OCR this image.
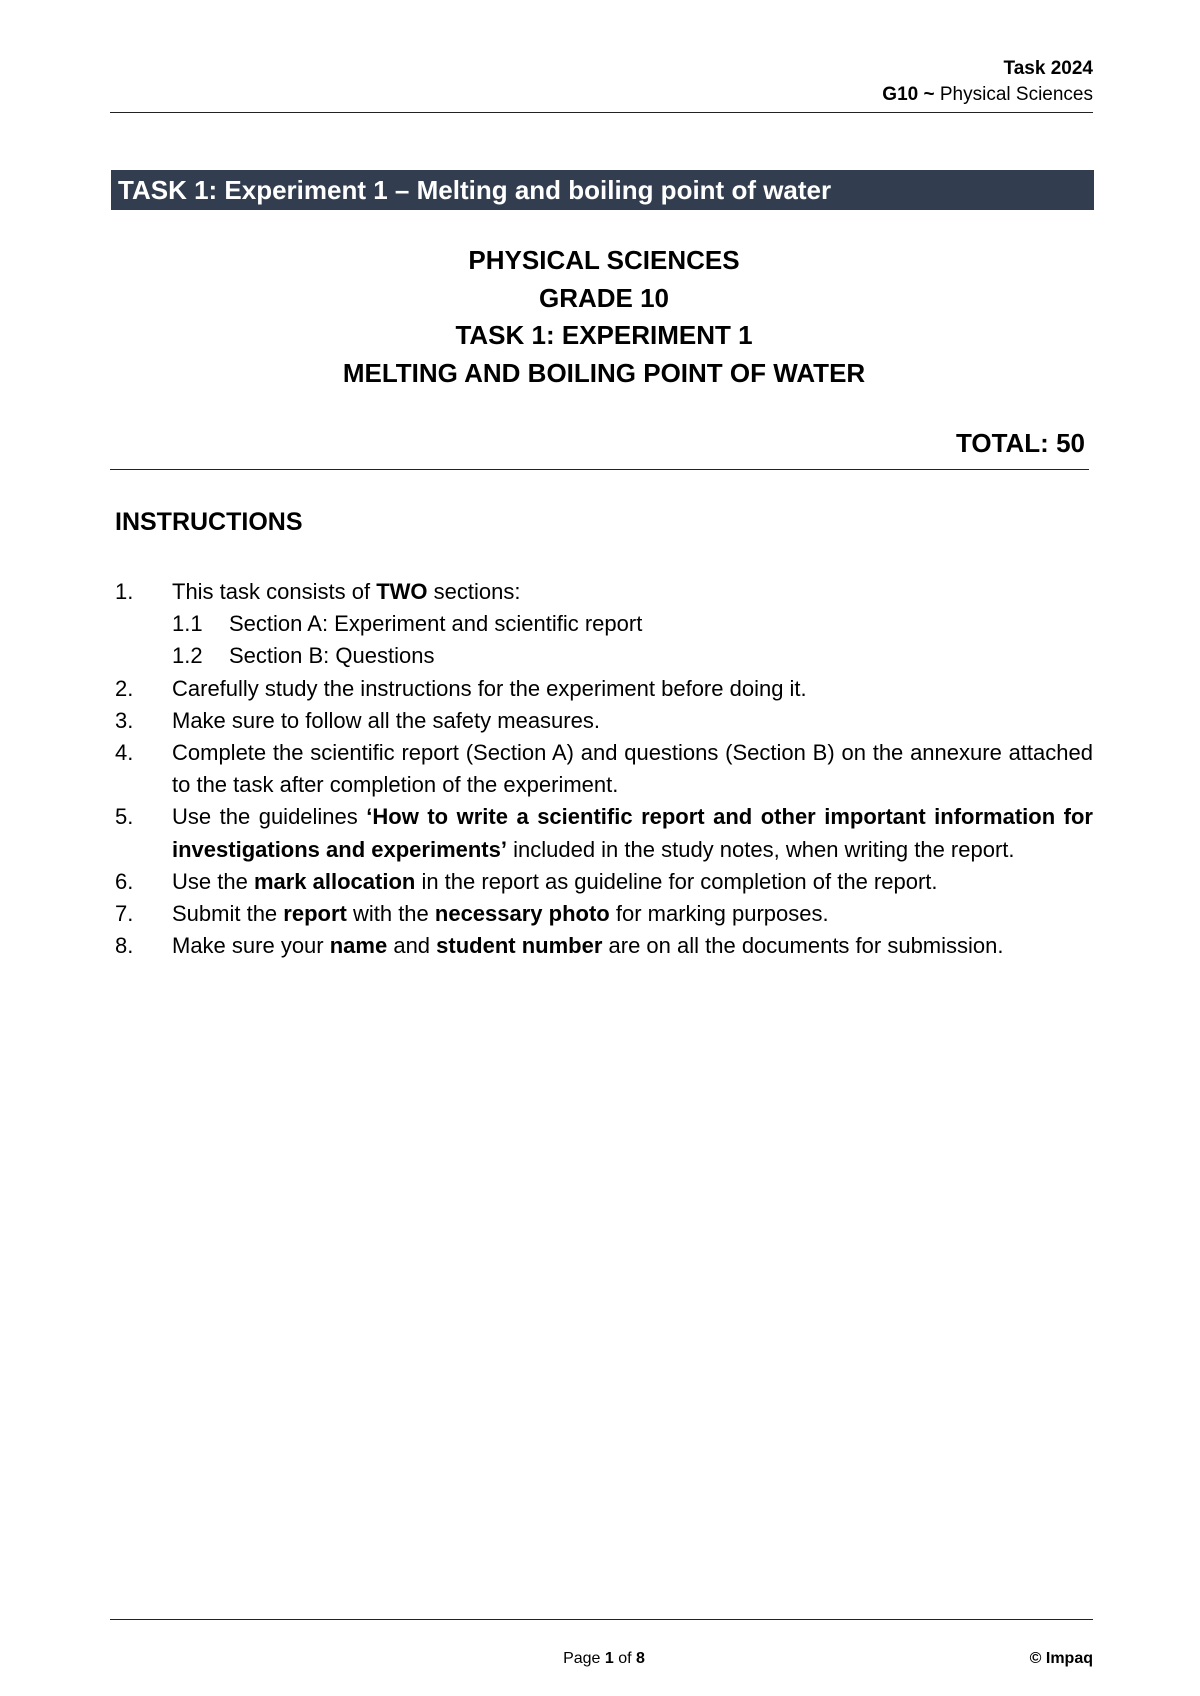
Task 2024
G10 ~ Physical Sciences
TASK 1: Experiment 1 – Melting and boiling point of water
PHYSICAL SCIENCES
GRADE 10
TASK 1: EXPERIMENT 1
MELTING AND BOILING POINT OF WATER
TOTAL: 50
INSTRUCTIONS
1.	This task consists of TWO sections:
1.1	Section A: Experiment and scientific report
1.2	Section B: Questions
2.	Carefully study the instructions for the experiment before doing it.
3.	Make sure to follow all the safety measures.
4.	Complete the scientific report (Section A) and questions (Section B) on the annexure attached to the task after completion of the experiment.
5.	Use the guidelines ‘How to write a scientific report and other important information for investigations and experiments’ included in the study notes, when writing the report.
6.	Use the mark allocation in the report as guideline for completion of the report.
7.	Submit the report with the necessary photo for marking purposes.
8.	Make sure your name and student number are on all the documents for submission.
Page 1 of 8	© Impaq
